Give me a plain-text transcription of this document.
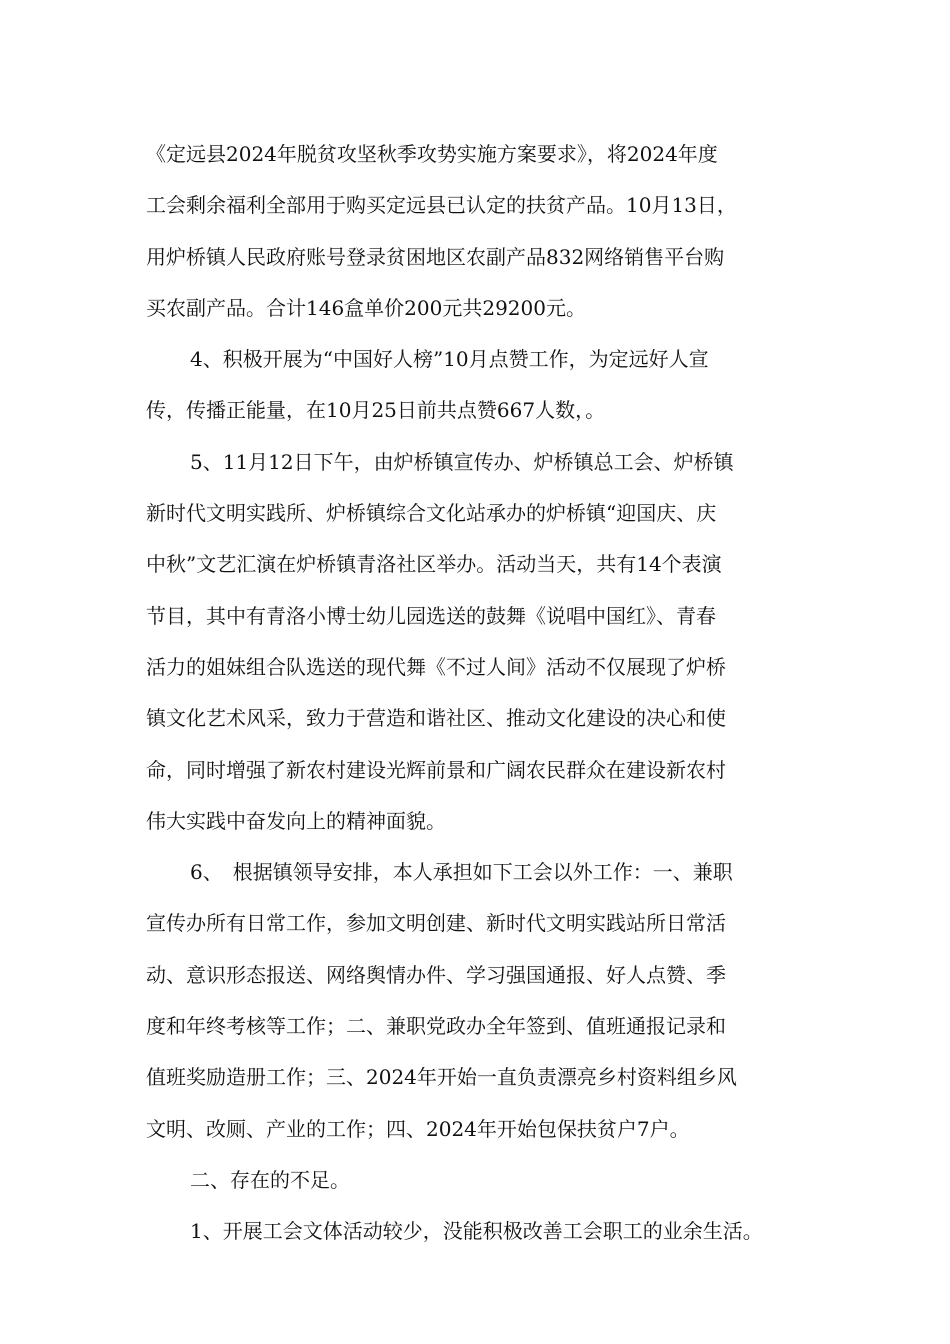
《定远县2024年脱贫攻坚秋季攻势实施方案要求》，将2024年度
工会剩余福利全部用于购买定远县已认定的扶贫产品。10月13日，
用炉桥镇人民政府账号登录贫困地区农副产品832网络销售平台购
买农副产品。合计146盒单价200元共29200元。
4、积极开展为“中国好人榜”10月点赞工作，为定远好人宣
传，传播正能量，在10月25日前共点赞667人数，。
5、11月12日下午，由炉桥镇宣传办、炉桥镇总工会、炉桥镇
新时代文明实践所、炉桥镇综合文化站承办的炉桥镇“迎国庆、庆
中秋”文艺汇演在炉桥镇青洛社区举办。活动当天，共有14个表演
节目，其中有青洛小博士幼儿园选送的鼓舞《说唱中国红》、青春
活力的姐妹组合队选送的现代舞《不过人间》活动不仅展现了炉桥
镇文化艺术风采，致力于营造和谐社区、推动文化建设的决心和使
命，同时增强了新农村建设光辉前景和广阔农民群众在建设新农村
伟大实践中奋发向上的精神面貌。
6、　根据镇领导安排，本人承担如下工会以外工作：一、兼职
宣传办所有日常工作，参加文明创建、新时代文明实践站所日常活
动、意识形态报送、网络舆情办件、学习强国通报、好人点赞、季
度和年终考核等工作；二、兼职党政办全年签到、值班通报记录和
值班奖励造册工作；三、2024年开始一直负责漂亮乡村资料组乡风
文明、改厕、产业的工作；四、2024年开始包保扶贫户7户。
二、存在的不足。
1、开展工会文体活动较少，没能积极改善工会职工的业余生活。
